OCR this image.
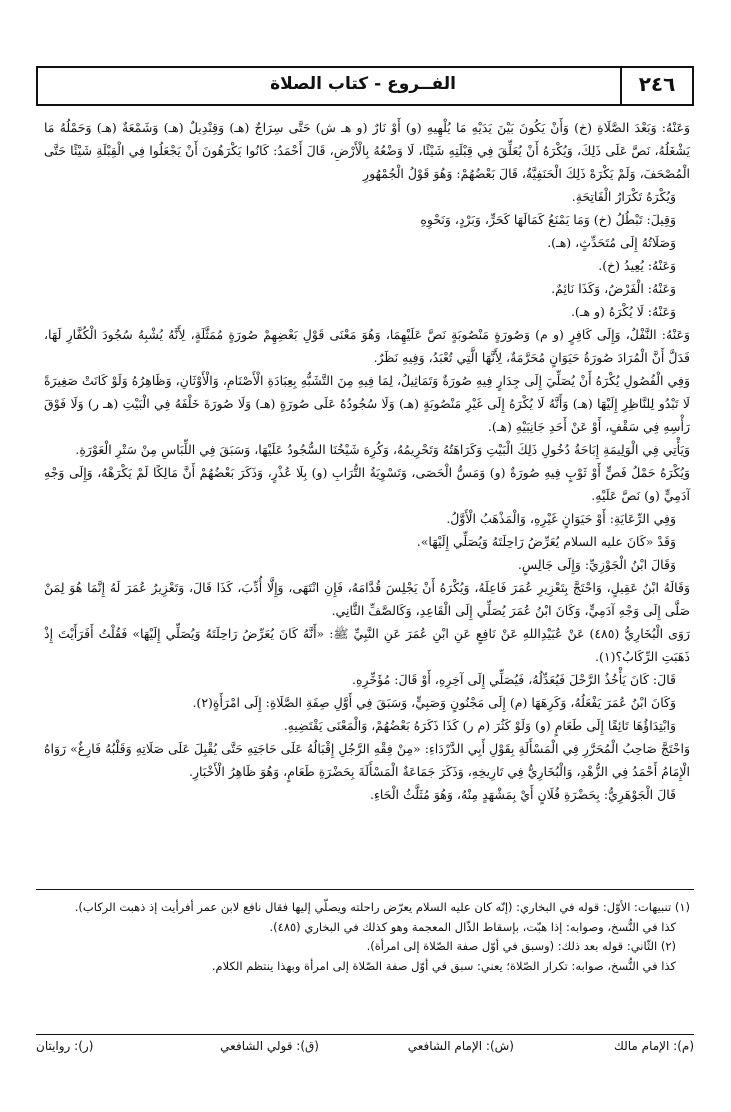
٢٤٦
الفــروع - كتاب الصلاة

وَعَنْهُ: وَبَعْدَ الصَّلَاةِ (خ) وَأَنْ يَكُونَ بَيْنَ يَدَيْهِ مَا يُلْهِيهِ (و) أَوْ نَارٌ (و هـ ش) حَتَّى سِرَاجٌ (هـ) وَقِنْدِيلٌ (هـ) وَشَمْعَةٌ (هـ) وَحَمْلُهُ مَا يَشْغَلُهُ، نَصَّ عَلَى ذَلِكَ، وَيُكْرَهُ أَنْ يُعَلِّقَ فِي قِبْلَتِهِ شَيْئًا، لَا وَضْعُهُ بِالْأَرْضِ، قَالَ أَحْمَدُ: كَانُوا يَكْرَهُونَ أَنْ يَجْعَلُوا فِي الْقِبْلَةِ شَيْئًا حَتَّى الْمُصْحَفَ، وَلَمْ يَكْرَهْ ذَلِكَ الْحَنَفِيَّةُ، قَالَ بَعْضُهُمْ: وَهُوَ قَوْلُ الْجُمْهُورِ

وَيُكْرَهُ تَكْرَارُ الْفَاتِحَةِ.

وَقِيلَ: تَبْطُلُ (خ) وَمَا يَمْنَعُ كَمَالَهَا كَحَرٍّ، وَبَرْدٍ، وَنَحْوِهِ

وَصَلَاتُهُ إِلَى مُتَحَدِّثٍ، (هـ).

وَعَنْهُ: يُعِيدُ (خ).

وَعَنْهُ: الْفَرْضُ، وَكَذَا نَائِمٌ.

وَعَنْهُ: لَا يُكْرَهُ (و هـ).

وَعَنْهُ: النَّفْلُ، وَإِلَى كَافِرٍ (و م) وَصُورَةٍ مَنْصُوبَةٍ نَصَّ عَلَيْهِمَا، وَهُوَ مَعْنَى قَوْلِ بَعْضِهِمْ صُورَةٍ مُمَثَّلَةٍ، لِأَنَّهُ يُشْبِهُ سُجُودَ الْكُفَّارِ لَهَا، فَدَلَّ أَنَّ الْمُرَادَ صُورَةُ حَيَوَانٍ مُحَرَّمَةٌ، لِأَنَّهَا الَّتِي تُعْبَدُ، وَفِيهِ نَظَرٌ.

وَفِي الْفُصُولِ يُكْرَهُ أَنْ يُصَلِّيَ إِلَى جِدَارٍ فِيهِ صُورَةٌ وَتَمَاثِيلُ، لِمَا فِيهِ مِنَ التَّشَبُّهِ بِعِبَادَةِ الْأَصْنَامِ، وَالْأَوْثَانِ، وَظَاهِرُهُ وَلَوْ كَانَتْ صَغِيرَةً لَا تَبْدُو لِلنَّاظِرِ إِلَيْهَا (هـ) وَأَنَّهُ لَا يُكْرَهُ إِلَى غَيْرِ مَنْصُوبَةٍ (هـ) وَلَا سُجُودُهُ عَلَى صُورَةٍ (هـ) وَلَا صُورَةَ خَلْفَهُ فِي الْبَيْتِ (هـ ر) وَلَا فَوْقَ رَأْسِهِ فِي سَقْفٍ، أَوْ عَنْ أَحَدِ جَانِبَيْهِ (هـ).

وَيَأْتِي فِي الْوَلِيمَةِ إِبَاحَةُ دُخُولِ ذَلِكَ الْبَيْتِ وَكَرَاهَتُهُ وَتَحْرِيمُهُ، وَكُرِهَ شَيْخُنَا السُّجُودُ عَلَيْهَا، وَسَبَقَ فِي اللِّبَاسِ مِنْ سَتْرِ الْعَوْرَةِ.

وَيُكْرَهُ حَمْلُ فَصٍّ أَوْ ثَوْبٍ فِيهِ صُورَةٌ (و) وَمَسُّ الْحَصَى، وَتَسْوِيَةُ التُّرَابِ (و) بِلَا عُذْرٍ، وَذَكَرَ بَعْضُهُمْ أَنَّ مَالِكًا لَمْ يَكْرَهْهُ، وَإِلَى وَجْهِ آدَمِيٍّ (و) نَصَّ عَلَيْهِ.

وَفِي الرِّعَايَةِ: أَوْ حَيَوَانٍ غَيْرِهِ، وَالْمَذْهَبُ الْأَوَّلُ.

وَقَدْ «كَانَ عليه السلام يُعَرِّضُ رَاحِلَتَهُ وَيُصَلِّي إِلَيْهَا».

وَقَالَ ابْنُ الْجَوْزِيِّ: وَإِلَى جَالِسٍ.

وَقَالَهُ ابْنُ عَقِيلٍ، وَاحْتَجَّ بِتَعْزِيرِ عُمَرَ فَاعِلَهُ، وَيُكْرَهُ أَنْ يَجْلِسَ قُدَّامَهُ، فَإِنِ انْتَهَى، وَإِلَّا أُدِّبَ، كَذَا قَالَ، وَتَعْزِيرُ عُمَرَ لَهُ إِنَّمَا هُوَ لِمَنْ صَلَّى إِلَى وَجْهِ آدَمِيٍّ، وَكَانَ ابْنُ عُمَرَ يُصَلِّي إِلَى الْقَاعِدِ، وَكَالصَّفِّ الثَّانِي.

رَوَى الْبُخَارِيُّ (٤٨٥) عَنْ عُبَيْدِاللهِ عَنْ نَافِعٍ عَنِ ابْنِ عُمَرَ عَنِ النَّبِيِّ ﷺ: «أَنَّهُ كَانَ يُعَرِّضُ رَاحِلَتَهُ وَيُصَلِّي إِلَيْهَا» فَقُلْتُ أَفَرَأَيْتَ إِذْ ذَهَبَتِ الرِّكَابُ؟(١).

قَالَ: كَانَ يَأْخُذُ الرَّحْلَ فَيُعَدِّلُهُ، فَيُصَلِّي إِلَى آخِرِهِ، أَوْ قَالَ: مُؤَخِّرِهِ.

وَكَانَ ابْنُ عُمَرَ يَفْعَلُهُ، وَكَرِهَهَا (م) إِلَى مَجْنُونٍ وَصَبِيٍّ، وَسَبَقَ فِي أَوَّلِ صِفَةِ الصَّلَاةِ: إِلَى امْرَأَةٍ(٢).

وَابْتِدَاؤُهَا تَائِقًا إِلَى طَعَامٍ (و) وَلَوْ كَثُرَ (م ر) كَذَا ذَكَرَهُ بَعْضُهُمْ، وَالْمَعْنَى يَقْتَضِيهِ.

وَاحْتَجَّ صَاحِبُ الْمُحَرَّرِ فِي الْمَسْأَلَةِ بِقَوْلِ أَبِي الدَّرْدَاءِ: «مِنْ فِقْهِ الرَّجُلِ إِقْبَالُهُ عَلَى حَاجَتِهِ حَتَّى يُقْبِلَ عَلَى صَلَاتِهِ وَقَلْبُهُ فَارِغٌ» رَوَاهُ الْإِمَامُ أَحْمَدُ فِي الزُّهْدِ، وَالْبُخَارِيُّ فِي تَارِيخِهِ، وَذَكَرَ جَمَاعَةٌ الْمَسْأَلَةَ بِحَضْرَةِ طَعَامٍ، وَهُوَ ظَاهِرُ الْأَخْبَارِ.

قَالَ الْجَوْهَرِيُّ: بِحَضْرَةِ فُلَانٍ أَيْ بِمَشْهَدٍ مِنْهُ، وَهُوَ مُثَلَّثُ الْحَاءِ.

(١) تنبيهات: الأوّل: قوله في البخاري: (إنّه كان عليه السلام يعرّض راحلته ويصلّي إليها فقال نافع لابن عمر أفرأيت إذ ذهبت الركاب).

كذا في النُّسخ، وصوابه: إذا هبّت، بإسقاط الذّال المعجمة وهو كذلك في البخاري (٤٨٥).

(٢) الثّاني: قوله بعد ذلك: (وسبق في أوّل صفة الصّلاة إلى امرأة).

كذا في النُّسخ، صوابه: تكرار الصّلاة؛ يعني: سبق في أوّل صفة الصّلاة إلى امرأة وبهذا ينتظم الكلام.

(م): الإمام مالك
(ش): الإمام الشافعي
(ق): قولي الشافعي
(ر): روايتان
